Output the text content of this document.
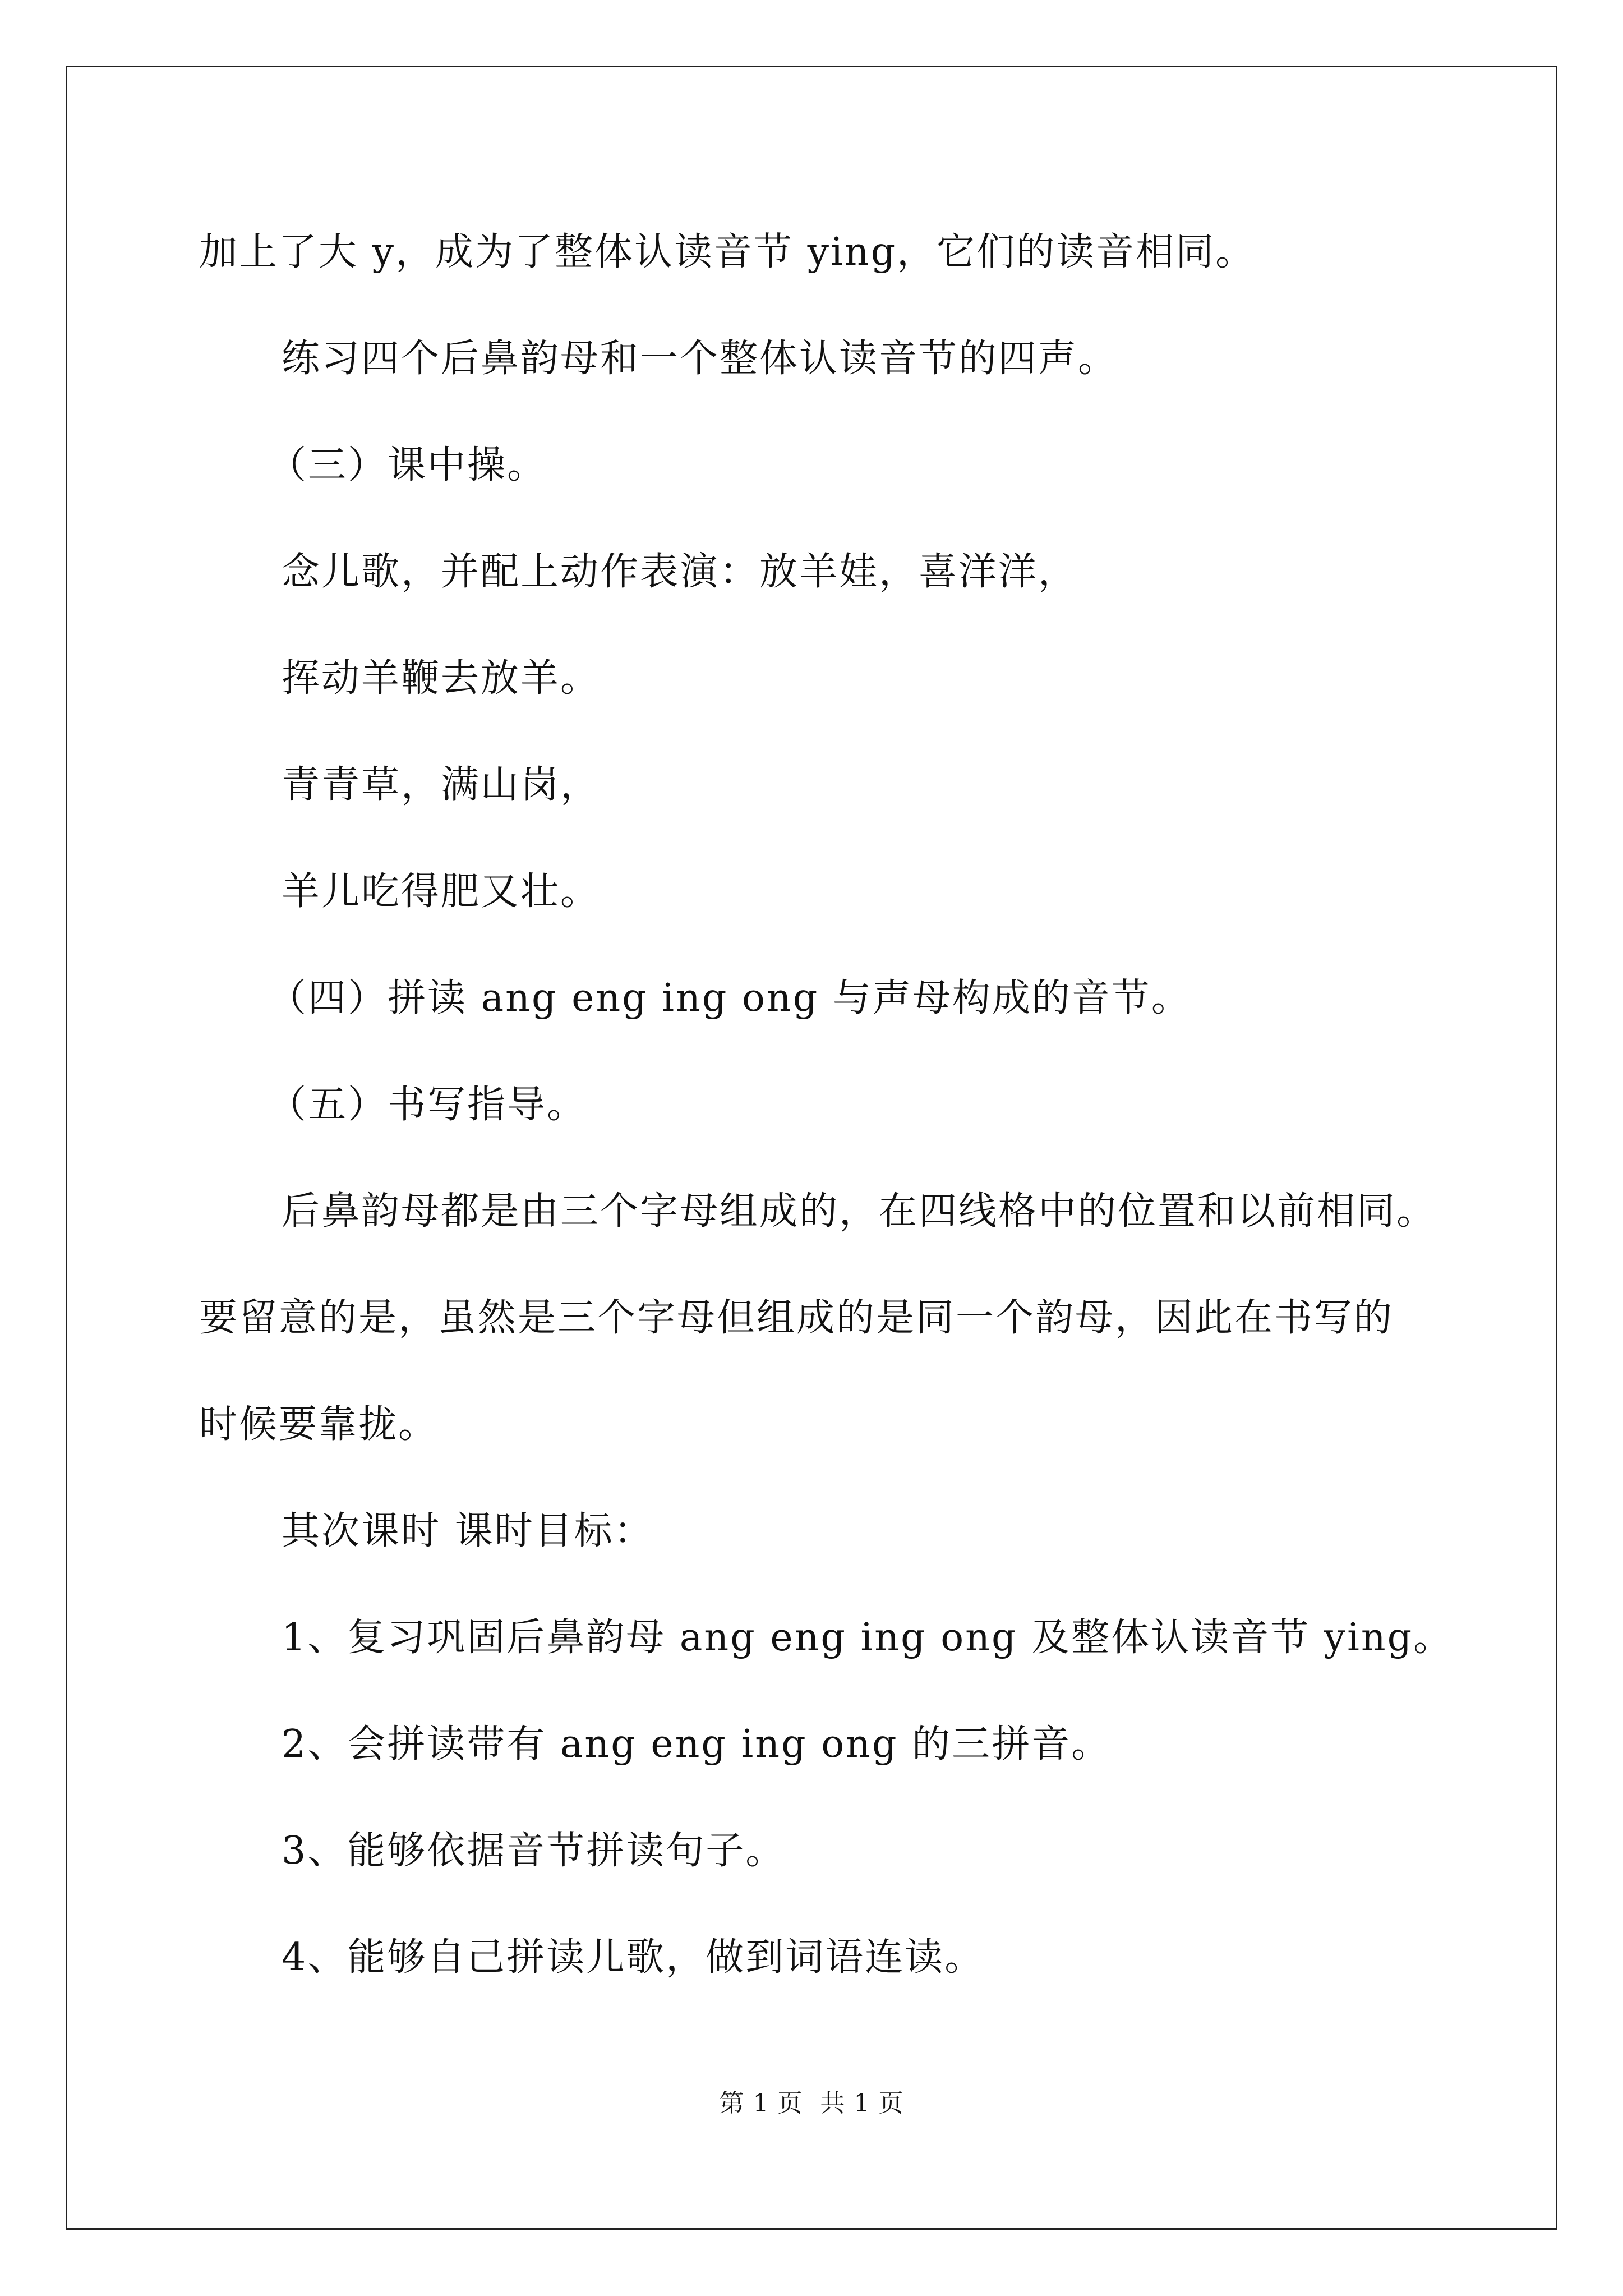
加上了大 y，成为了整体认读音节 ying，它们的读音相同。

练习四个后鼻韵母和一个整体认读音节的四声。

（三）课中操。

念儿歌，并配上动作表演：放羊娃，喜洋洋，

挥动羊鞭去放羊。

青青草，满山岗，

羊儿吃得肥又壮。

（四）拼读 ang eng ing ong 与声母构成的音节。

（五）书写指导。

后鼻韵母都是由三个字母组成的，在四线格中的位置和以前相同。

要留意的是，虽然是三个字母但组成的是同一个韵母，因此在书写的

时候要靠拢。

其次课时 课时目标：

1、复习巩固后鼻韵母 ang eng ing ong 及整体认读音节 ying。

2、会拼读带有 ang eng ing ong 的三拼音。

3、能够依据音节拼读句子。

4、能够自己拼读儿歌，做到词语连读。

第 1 页 共 1 页
